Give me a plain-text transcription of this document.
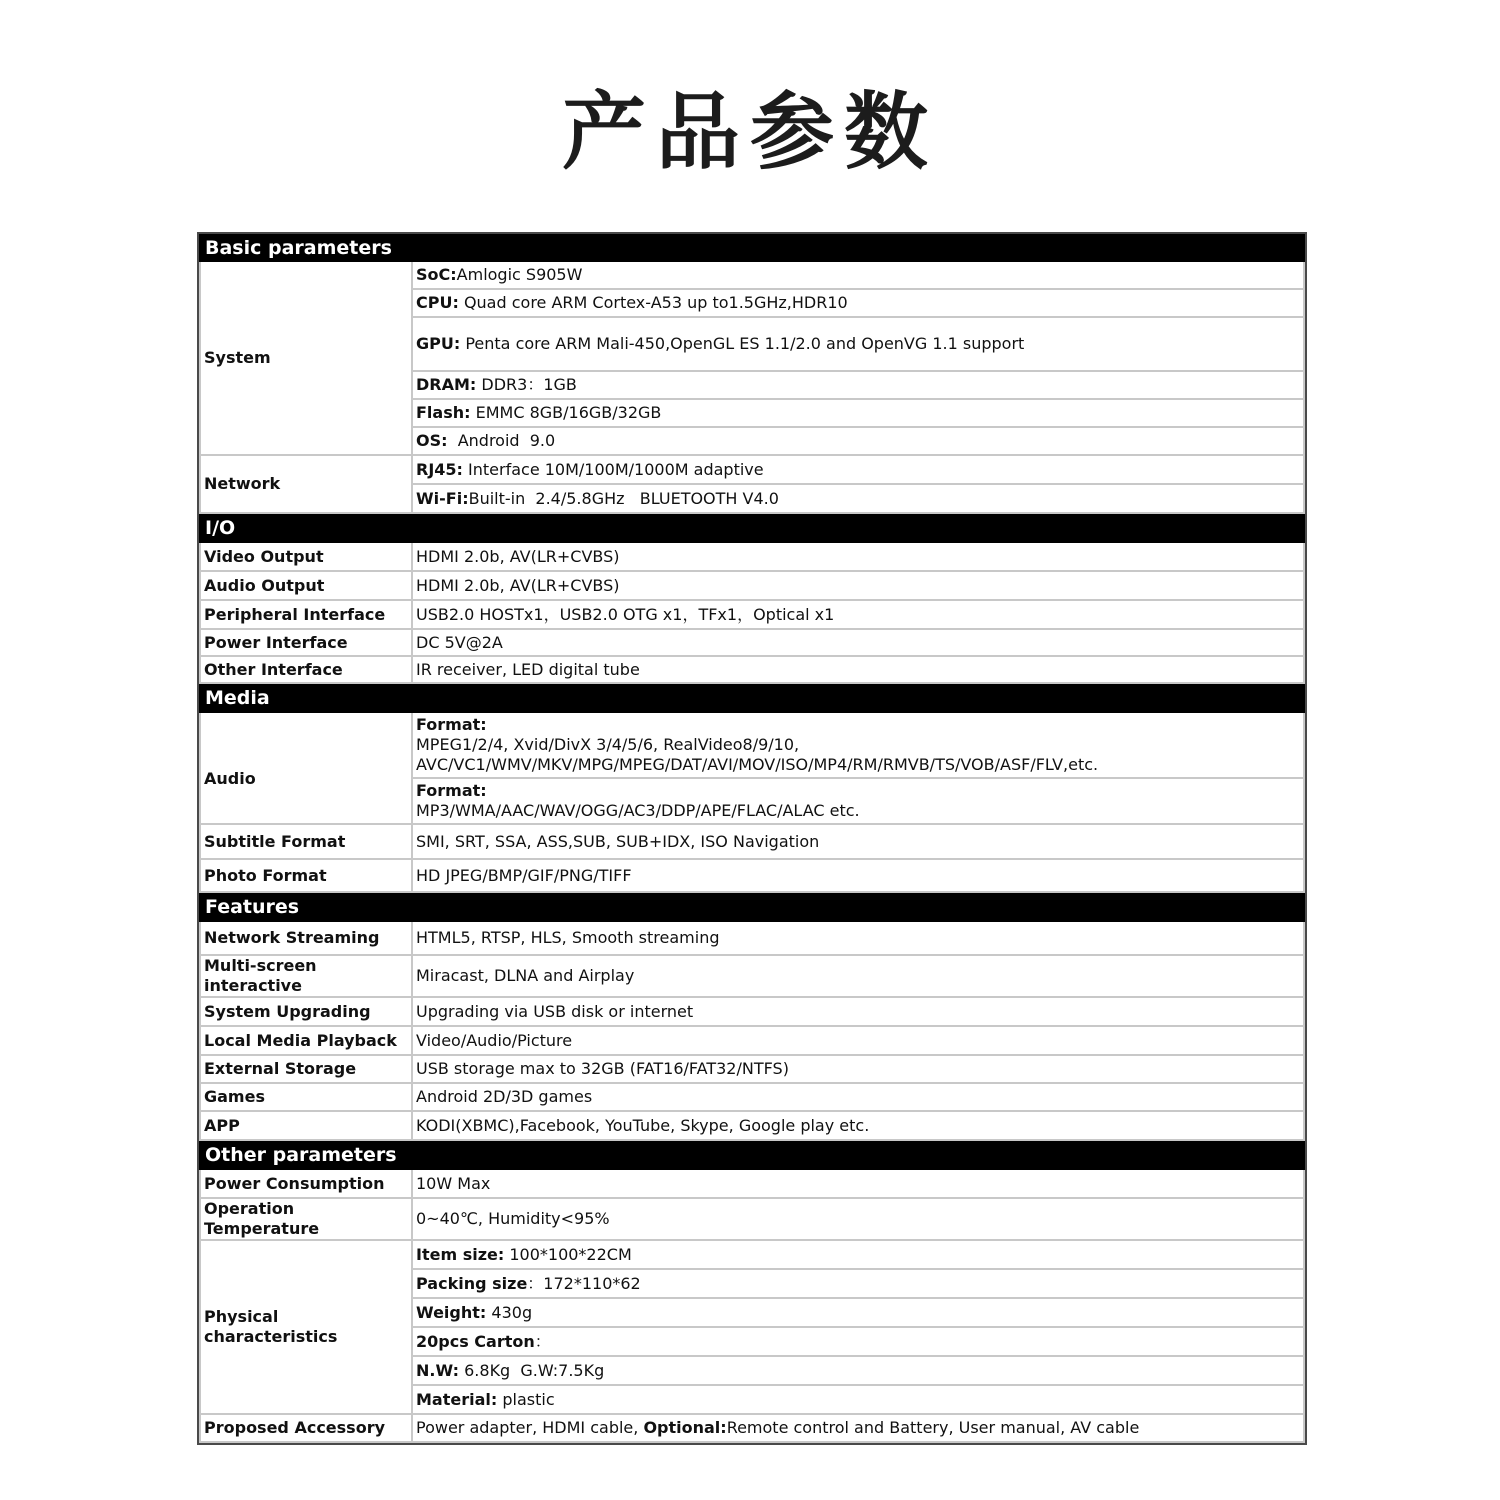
产品参数
Basic parameters	
System	SoC:Amlogic S905W
	CPU: Quad core ARM Cortex-A53 up to1.5GHz,HDR10
	GPU: Penta core ARM Mali-450,OpenGL ES 1.1/2.0 and OpenVG 1.1 support
	DRAM: DDR3：1GB
	Flash: EMMC 8GB/16GB/32GB
	OS:  Android  9.0
Network	RJ45: Interface 10M/100M/1000M adaptive
	Wi-Fi:Built-in  2.4/5.8GHz   BLUETOOTH V4.0
I/O	
Video Output	HDMI 2.0b, AV(LR+CVBS)
Audio Output	HDMI 2.0b, AV(LR+CVBS)
Peripheral Interface	USB2.0 HOSTx1，USB2.0 OTG x1，TFx1，Optical x1
Power Interface	DC 5V@2A
Other Interface	IR receiver, LED digital tube
Media	
Audio	Format:
MPEG1/2/4, Xvid/DivX 3/4/5/6, RealVideo8/9/10,
AVC/VC1/WMV/MKV/MPG/MPEG/DAT/AVI/MOV/ISO/MP4/RM/RMVB/TS/VOB/ASF/FLV,etc.

	Format:
MP3/WMA/AAC/WAV/OGG/AC3/DDP/APE/FLAC/ALAC etc.

Subtitle Format	SMI, SRT, SSA, ASS,SUB, SUB+IDX, ISO Navigation
Photo Format	HD JPEG/BMP/GIF/PNG/TIFF
Features	
Network Streaming	HTML5, RTSP, HLS, Smooth streaming
Multi-screen interactive	Miracast, DLNA and Airplay
System Upgrading	Upgrading via USB disk or internet
Local Media Playback	Video/Audio/Picture
External Storage	USB storage max to 32GB (FAT16/FAT32/NTFS)
Games	Android 2D/3D games
APP	KODI(XBMC),Facebook, YouTube, Skype, Google play etc.
Other parameters	
Power Consumption	10W Max
Operation Temperature	0~40℃, Humidity<95%
Physical characteristics	Item size: 100*100*22CM
	Packing size：172*110*62
	Weight: 430g
	20pcs Carton：
	N.W: 6.8Kg  G.W:7.5Kg
	Material: plastic
Proposed Accessory	Power adapter, HDMI cable, Optional:Remote control and Battery, User manual, AV cable
